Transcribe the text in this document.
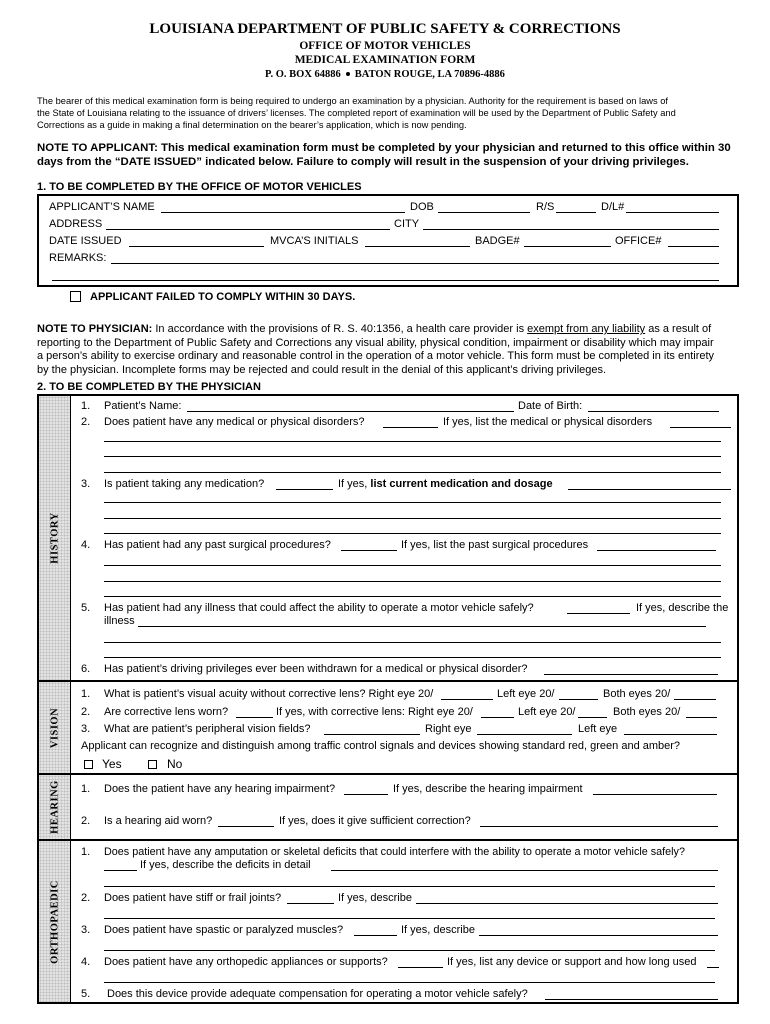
LOUISIANA DEPARTMENT OF PUBLIC SAFETY & CORRECTIONS
OFFICE OF MOTOR VEHICLES
MEDICAL EXAMINATION FORM
P. O. BOX 64886 BATON ROUGE, LA 70896-4886
The bearer of this medical examination form is being required to undergo an examination by a physician. Authority for the requirement is based on laws of
the State of Louisiana relating to the issuance of drivers’ licenses. The completed report of examination will be used by the Department of Public Safety and
Corrections as a guide in making a final determination on the bearer’s application, which is now pending.
NOTE TO APPLICANT: This medical examination form must be completed by your physician and returned to this office within 30
days from the “DATE ISSUED” indicated below. Failure to comply will result in the suspension of your driving privileges.
1. TO BE COMPLETED BY THE OFFICE OF MOTOR VEHICLES
APPLICANT’S NAME	DOB	R/S	D/L#
ADDRESS	CITY
DATE ISSUED	MVCA’S INITIALS	BADGE#	OFFICE#
REMARKS:
APPLICANT FAILED TO COMPLY WITHIN 30 DAYS.
NOTE TO PHYSICIAN: In accordance with the provisions of R. S. 40:1356, a health care provider is exempt from any liability as a result of
reporting to the Department of Public Safety and Corrections any visual ability, physical condition, impairment or disability which may impair
a person’s ability to exercise ordinary and reasonable control in the operation of a motor vehicle. This form must be completed in its entirety
by the physician. Incomplete forms may be rejected and could result in the denial of this applicant’s driving privileges.
2. TO BE COMPLETED BY THE PHYSICIAN
HISTORY
VISION
HEARING
ORTHOPAEDIC
1. Patient’s Name:	Date of Birth:
2. Does patient have any medical or physical disorders?	If yes, list the medical or physical disorders
3. Is patient taking any medication?	If yes, list current medication and dosage
4. Has patient had any past surgical procedures?	If yes, list the past surgical procedures
5. Has patient had any illness that could affect the ability to operate a motor vehicle safely?	If yes, describe the
illness
6. Has patient’s driving privileges ever been withdrawn for a medical or physical disorder?
1. What is patient’s visual acuity without corrective lens? Right eye 20/	Left eye 20/	Both eyes 20/
2. Are corrective lens worn?	If yes, with corrective lens: Right eye 20/	Left eye 20/	Both eyes 20/
3. What are patient’s peripheral vision fields?	Right eye	Left eye
Applicant can recognize and distinguish among traffic control signals and devices showing standard red, green and amber?
Yes	No
1. Does the patient have any hearing impairment?	If yes, describe the hearing impairment
2. Is a hearing aid worn?	If yes, does it give sufficient correction?
1. Does patient have any amputation or skeletal deficits that could interfere with the ability to operate a motor vehicle safely?
If yes, describe the deficits in detail
2. Does patient have stiff or frail joints?	If yes, describe
3. Does patient have spastic or paralyzed muscles?	If yes, describe
4. Does patient have any orthopedic appliances or supports?	If yes, list any device or support and how long used
5. Does this device provide adequate compensation for operating a motor vehicle safely?
